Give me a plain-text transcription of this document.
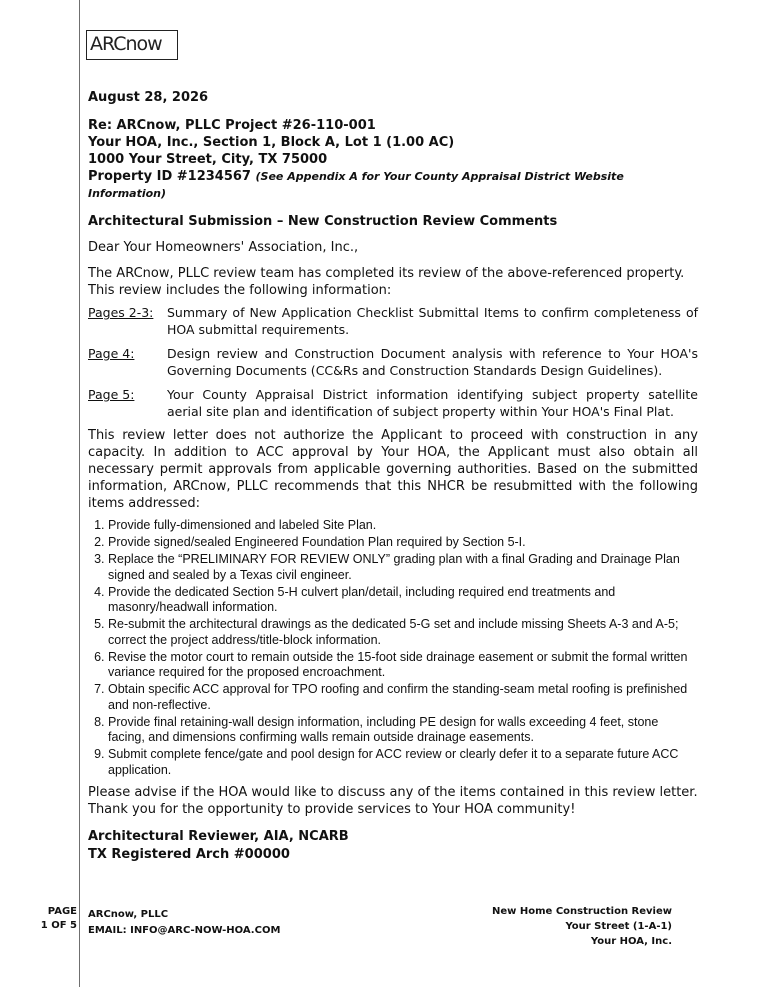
ARCnow
August 28, 2026
Re: ARCnow, PLLC Project #26-110-001
Your HOA, Inc., Section 1, Block A, Lot 1 (1.00 AC)
1000 Your Street, City, TX 75000
Property ID #1234567 (See Appendix A for Your County Appraisal District Website Information)
Architectural Submission – New Construction Review Comments
Dear Your Homeowners' Association, Inc.,
The ARCnow, PLLC review team has completed its review of the above-referenced property.
This review includes the following information:
Pages 2-3:	Summary of New Application Checklist Submittal Items to confirm completeness of HOA submittal requirements.
Page 4:	Design review and Construction Document analysis with reference to Your HOA's Governing Documents (CC&Rs and Construction Standards Design Guidelines).
Page 5:	Your County Appraisal District information identifying subject property satellite aerial site plan and identification of subject property within Your HOA's Final Plat.
This review letter does not authorize the Applicant to proceed with construction in any capacity. In addition to ACC approval by Your HOA, the Applicant must also obtain all necessary permit approvals from applicable governing authorities. Based on the submitted information, ARCnow, PLLC recommends that this NHCR be resubmitted with the following items addressed:
1. Provide fully-dimensioned and labeled Site Plan.
2. Provide signed/sealed Engineered Foundation Plan required by Section 5-I.
3. Replace the “PRELIMINARY FOR REVIEW ONLY” grading plan with a final Grading and Drainage Plan signed and sealed by a Texas civil engineer.
4. Provide the dedicated Section 5-H culvert plan/detail, including required end treatments and masonry/headwall information.
5. Re-submit the architectural drawings as the dedicated 5-G set and include missing Sheets A-3 and A-5; correct the project address/title-block information.
6. Revise the motor court to remain outside the 15-foot side drainage easement or submit the formal written variance required for the proposed encroachment.
7. Obtain specific ACC approval for TPO roofing and confirm the standing-seam metal roofing is prefinished and non-reflective.
8. Provide final retaining-wall design information, including PE design for walls exceeding 4 feet, stone facing, and dimensions confirming walls remain outside drainage easements.
9. Submit complete fence/gate and pool design for ACC review or clearly defer it to a separate future ACC application.
Please advise if the HOA would like to discuss any of the items contained in this review letter.
Thank you for the opportunity to provide services to Your HOA community!
Architectural Reviewer, AIA, NCARB
TX Registered Arch #00000
PAGE
1 OF 5
ARCnow, PLLC
EMAIL: INFO@ARC-NOW-HOA.COM
New Home Construction Review
Your Street (1-A-1)
Your HOA, Inc.
